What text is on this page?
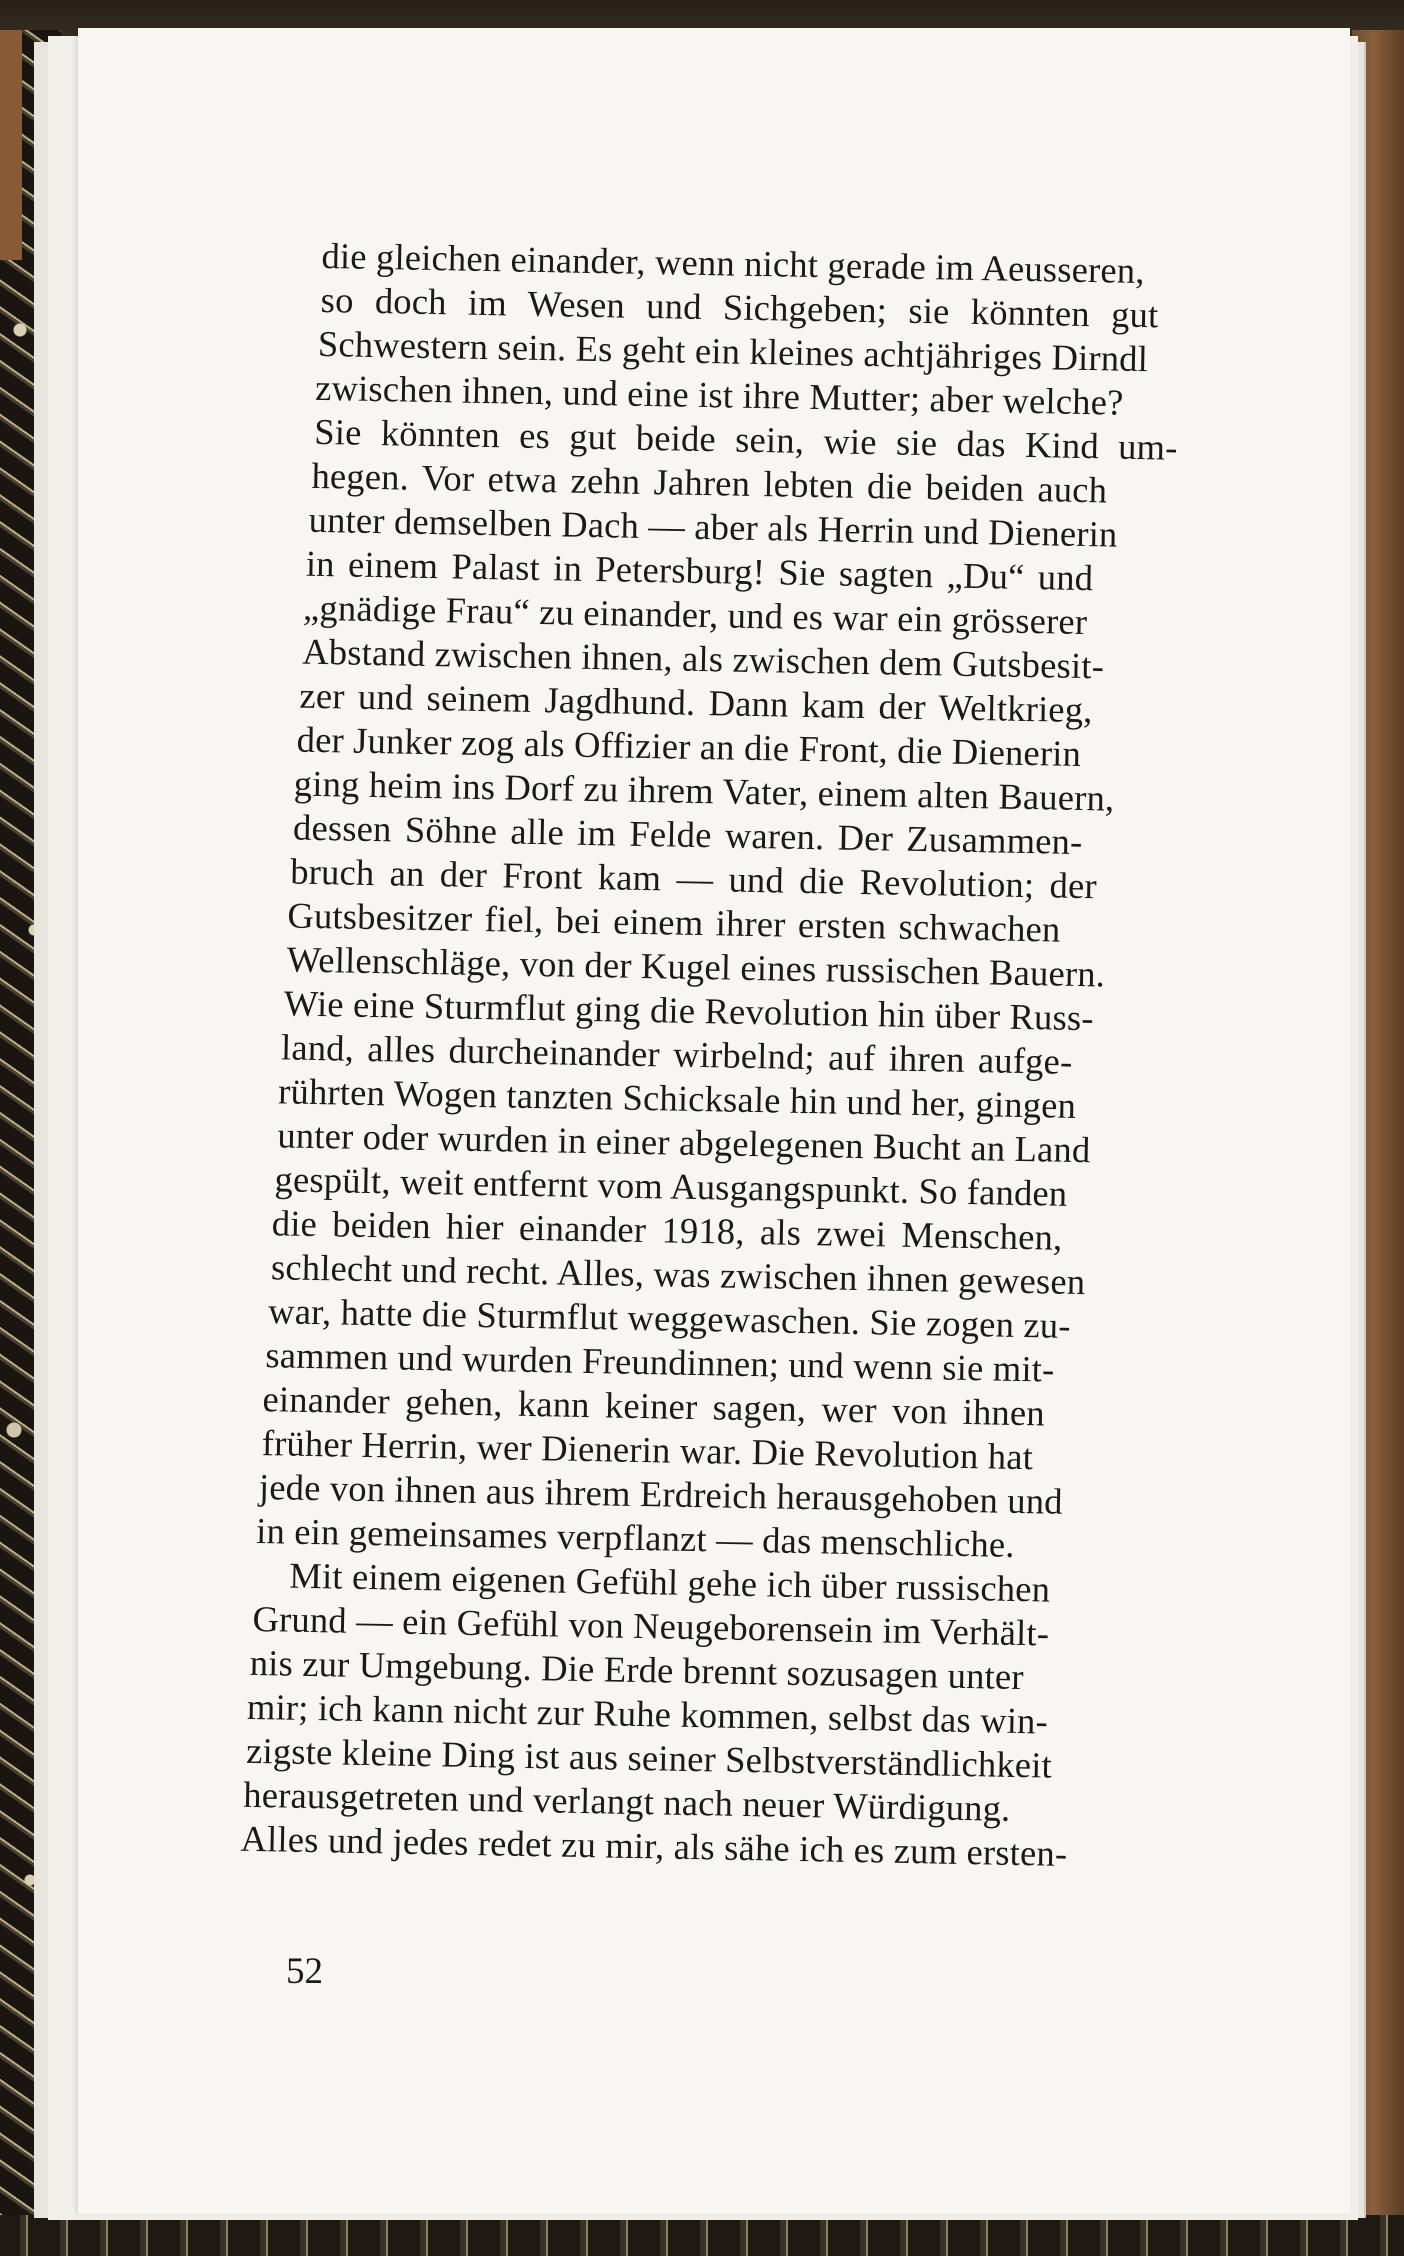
die gleichen einander, wenn nicht gerade im Aeusseren,
so doch im Wesen und Sichgeben; sie könnten gut
Schwestern sein. Es geht ein kleines achtjähriges Dirndl
zwischen ihnen, und eine ist ihre Mutter; aber welche?
Sie könnten es gut beide sein, wie sie das Kind um-
hegen. Vor etwa zehn Jahren lebten die beiden auch
unter demselben Dach — aber als Herrin und Dienerin
in einem Palast in Petersburg! Sie sagten „Du“ und
„gnädige Frau“ zu einander, und es war ein grösserer
Abstand zwischen ihnen, als zwischen dem Gutsbesit-
zer und seinem Jagdhund. Dann kam der Weltkrieg,
der Junker zog als Offizier an die Front, die Dienerin
ging heim ins Dorf zu ihrem Vater, einem alten Bauern,
dessen Söhne alle im Felde waren. Der Zusammen-
bruch an der Front kam — und die Revolution; der
Gutsbesitzer fiel, bei einem ihrer ersten schwachen
Wellenschläge, von der Kugel eines russischen Bauern.
Wie eine Sturmflut ging die Revolution hin über Russ-
land, alles durcheinander wirbelnd; auf ihren aufge-
rührten Wogen tanzten Schicksale hin und her, gingen
unter oder wurden in einer abgelegenen Bucht an Land
gespült, weit entfernt vom Ausgangspunkt. So fanden
die beiden hier einander 1918, als zwei Menschen,
schlecht und recht. Alles, was zwischen ihnen gewesen
war, hatte die Sturmflut weggewaschen. Sie zogen zu-
sammen und wurden Freundinnen; und wenn sie mit-
einander gehen, kann keiner sagen, wer von ihnen
früher Herrin, wer Dienerin war. Die Revolution hat
jede von ihnen aus ihrem Erdreich herausgehoben und
in ein gemeinsames verpflanzt — das menschliche.
Mit einem eigenen Gefühl gehe ich über russischen
Grund — ein Gefühl von Neugeborensein im Verhält-
nis zur Umgebung. Die Erde brennt sozusagen unter
mir; ich kann nicht zur Ruhe kommen, selbst das win-
zigste kleine Ding ist aus seiner Selbstverständlichkeit
herausgetreten und verlangt nach neuer Würdigung.
Alles und jedes redet zu mir, als sähe ich es zum ersten-
52
